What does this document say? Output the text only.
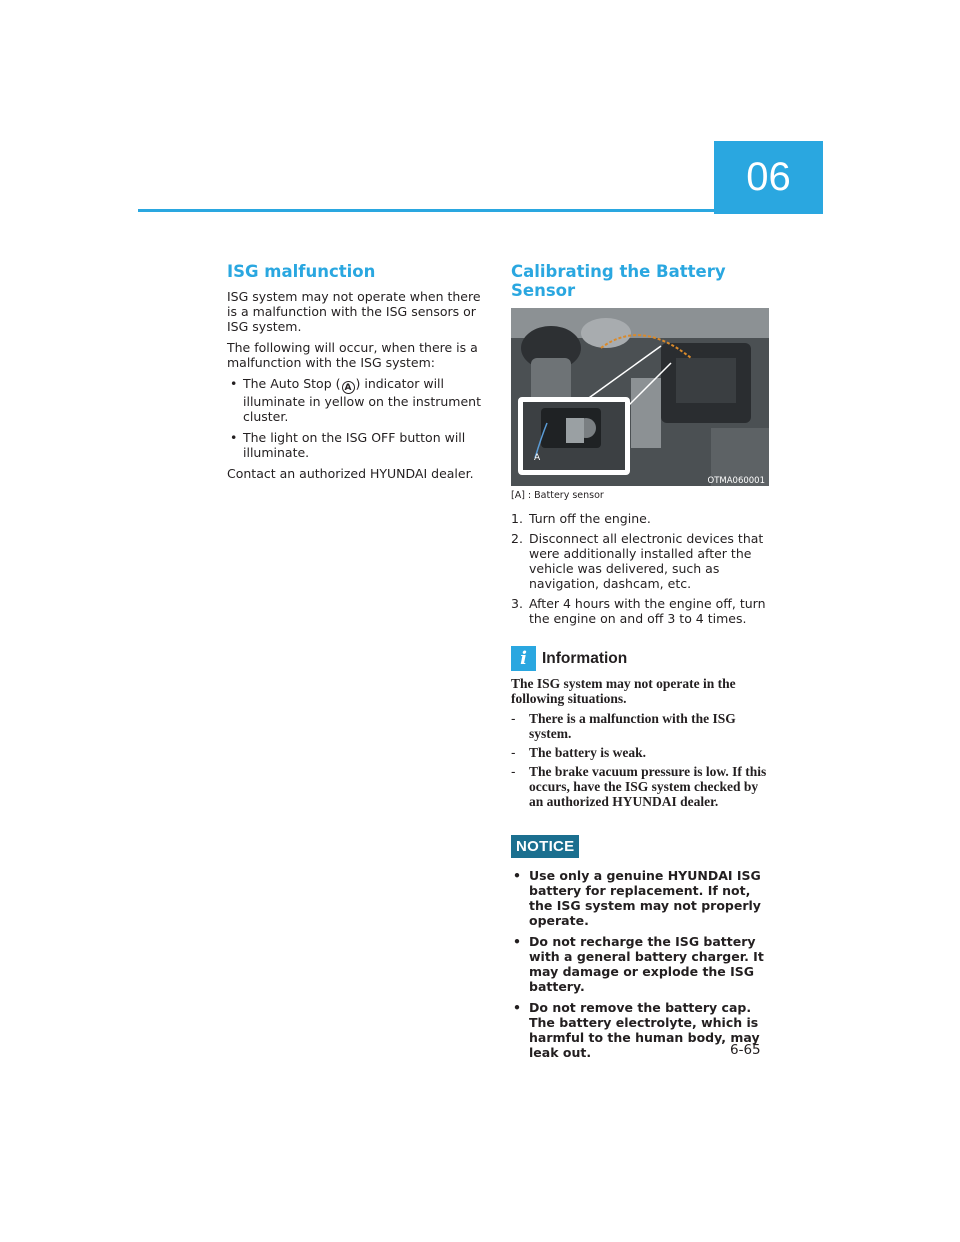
06
ISG malfunction

ISG system may not operate when there is a malfunction with the ISG sensors or ISG system.

The following will occur, when there is a malfunction with the ISG system:

• The Auto Stop ( A ) indicator will illuminate in yellow on the instrument cluster.
• The light on the ISG OFF button will illuminate.

Contact an authorized HYUNDAI dealer.

Calibrating the Battery Sensor
A
OTMA060001
[A] : Battery sensor
1. Turn off the engine.
2. Disconnect all electronic devices that were additionally installed after the vehicle was delivered, such as navigation, dashcam, etc.
3. After 4 hours with the engine off, turn the engine on and off 3 to 4 times.
i Information

The ISG system may not operate in the following situations.

- There is a malfunction with the ISG system.
- The battery is weak.
- The brake vacuum pressure is low. If this occurs, have the ISG system checked by an authorized HYUNDAI dealer.
NOTICE
• Use only a genuine HYUNDAI ISG battery for replacement. If not, the ISG system may not properly operate.
• Do not recharge the ISG battery with a general battery charger. It may damage or explode the ISG battery.
• Do not remove the battery cap. The battery electrolyte, which is harmful to the human body, may leak out.	6-65
